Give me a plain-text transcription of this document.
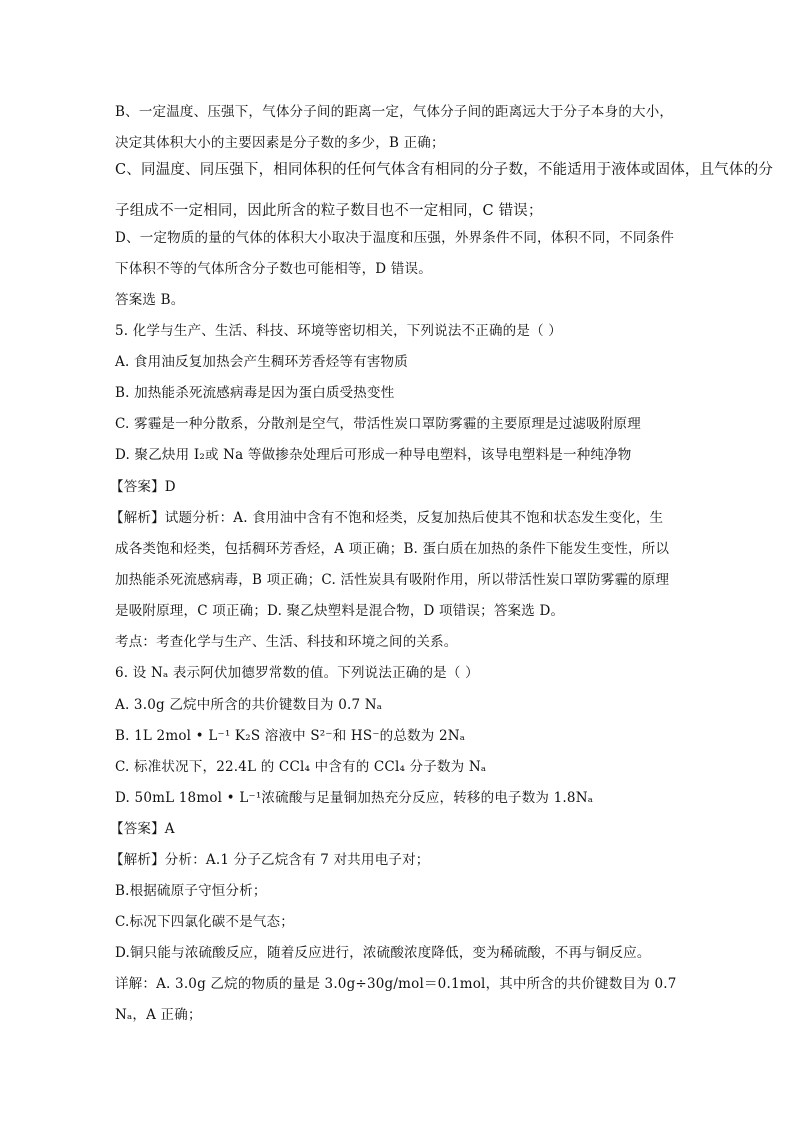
B、一定温度、压强下，气体分子间的距离一定，气体分子间的距离远大于分子本身的大小，
决定其体积大小的主要因素是分子数的多少，B 正确；
C、同温度、同压强下，相同体积的任何气体含有相同的分子数，不能适用于液体或固体，且气体的分
子组成不一定相同，因此所含的粒子数目也不一定相同，C 错误；
D、一定物质的量的气体的体积大小取决于温度和压强，外界条件不同，体积不同，不同条件
下体积不等的气体所含分子数也可能相等，D 错误。
答案选 B。
5. 化学与生产、生活、科技、环境等密切相关，下列说法不正确的是（ ）
A. 食用油反复加热会产生稠环芳香烃等有害物质
B. 加热能杀死流感病毒是因为蛋白质受热变性
C. 雾霾是一种分散系，分散剂是空气，带活性炭口罩防雾霾的主要原理是过滤吸附原理
D. 聚乙炔用 I₂或 Na 等做掺杂处理后可形成一种导电塑料，该导电塑料是一种纯净物
【答案】D
【解析】试题分析：A. 食用油中含有不饱和烃类，反复加热后使其不饱和状态发生变化，生
成各类饱和烃类，包括稠环芳香烃，A 项正确；B. 蛋白质在加热的条件下能发生变性，所以
加热能杀死流感病毒，B 项正确；C. 活性炭具有吸附作用，所以带活性炭口罩防雾霾的原理
是吸附原理，C 项正确；D. 聚乙炔塑料是混合物，D 项错误；答案选 D。
考点：考查化学与生产、生活、科技和环境之间的关系。
6. 设 Nₐ 表示阿伏加德罗常数的值。下列说法正确的是（ ）
A. 3.0g 乙烷中所含的共价键数目为 0.7 Nₐ
B. 1L 2mol • L⁻¹ K₂S 溶液中 S²⁻和 HS⁻的总数为 2Nₐ
C. 标准状况下，22.4L 的 CCl₄ 中含有的 CCl₄ 分子数为 Nₐ
D. 50mL 18mol • L⁻¹浓硫酸与足量铜加热充分反应，转移的电子数为 1.8Nₐ
【答案】A
【解析】分析：A.1 分子乙烷含有 7 对共用电子对；
B.根据硫原子守恒分析；
C.标况下四氯化碳不是气态；
D.铜只能与浓硫酸反应，随着反应进行，浓硫酸浓度降低，变为稀硫酸，不再与铜反应。
详解：A. 3.0g 乙烷的物质的量是 3.0g÷30g/mol＝0.1mol，其中所含的共价键数目为 0.7
Nₐ，A 正确；
